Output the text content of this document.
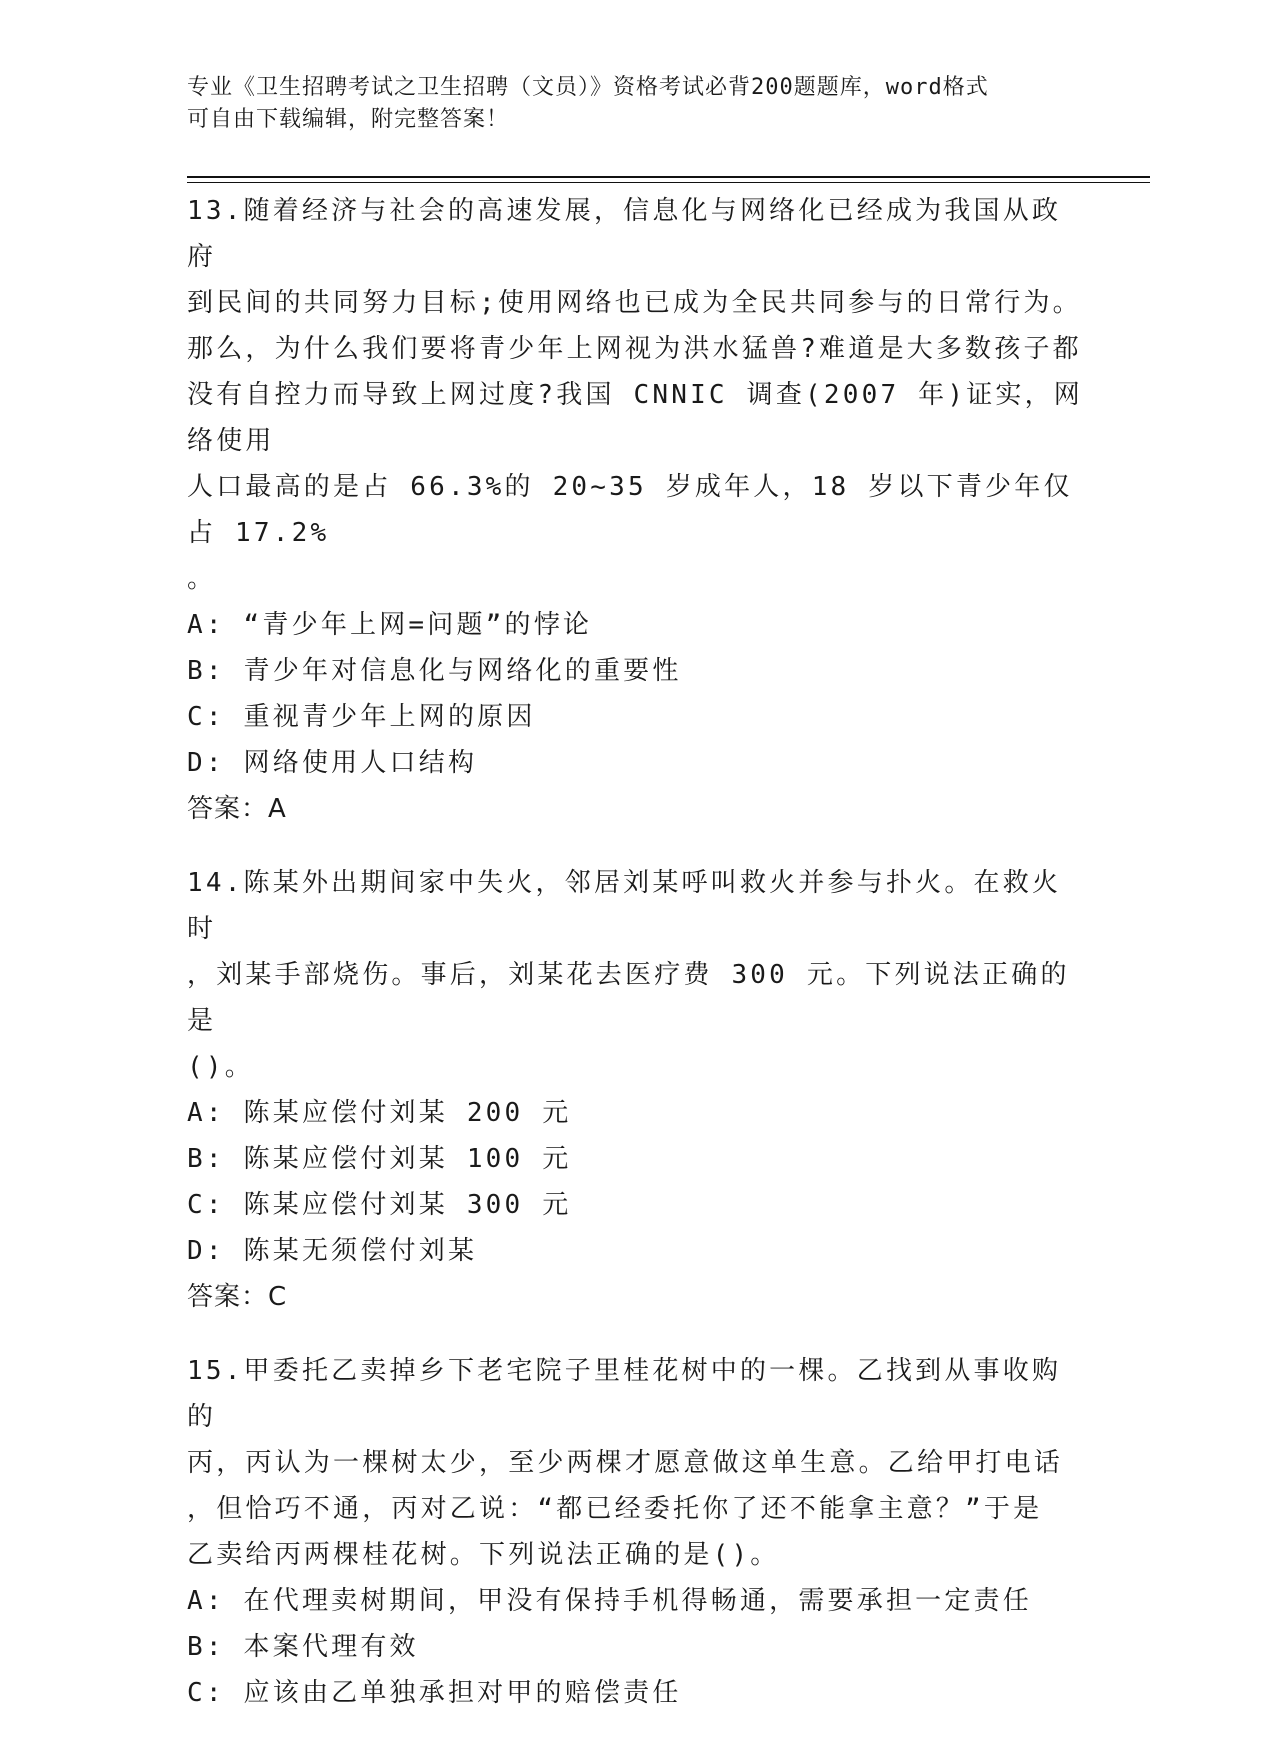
专业《卫生招聘考试之卫生招聘（文员）》资格考试必背200题题库，word格式
可自由下载编辑，附完整答案！
13.随着经济与社会的高速发展，信息化与网络化已经成为我国从政府
到民间的共同努力目标;使用网络也已成为全民共同参与的日常行为。
那么，为什么我们要将青少年上网视为洪水猛兽?难道是大多数孩子都
没有自控力而导致上网过度?我国 CNNIC 调查(2007 年)证实，网络使用
人口最高的是占 66.3%的 20~35 岁成年人，18 岁以下青少年仅占 17.2%
。
A: “青少年上网=问题”的悖论
B: 青少年对信息化与网络化的重要性
C: 重视青少年上网的原因
D: 网络使用人口结构
答案：A
14.陈某外出期间家中失火，邻居刘某呼叫救火并参与扑火。在救火时
，刘某手部烧伤。事后，刘某花去医疗费 300 元。下列说法正确的是
()。
A: 陈某应偿付刘某 200 元
B: 陈某应偿付刘某 100 元
C: 陈某应偿付刘某 300 元
D: 陈某无须偿付刘某
答案：C
15.甲委托乙卖掉乡下老宅院子里桂花树中的一棵。乙找到从事收购的
丙，丙认为一棵树太少，至少两棵才愿意做这单生意。乙给甲打电话
，但恰巧不通，丙对乙说：“都已经委托你了还不能拿主意？”于是
乙卖给丙两棵桂花树。下列说法正确的是()。
A: 在代理卖树期间，甲没有保持手机得畅通，需要承担一定责任
B: 本案代理有效
C: 应该由乙单独承担对甲的赔偿责任
